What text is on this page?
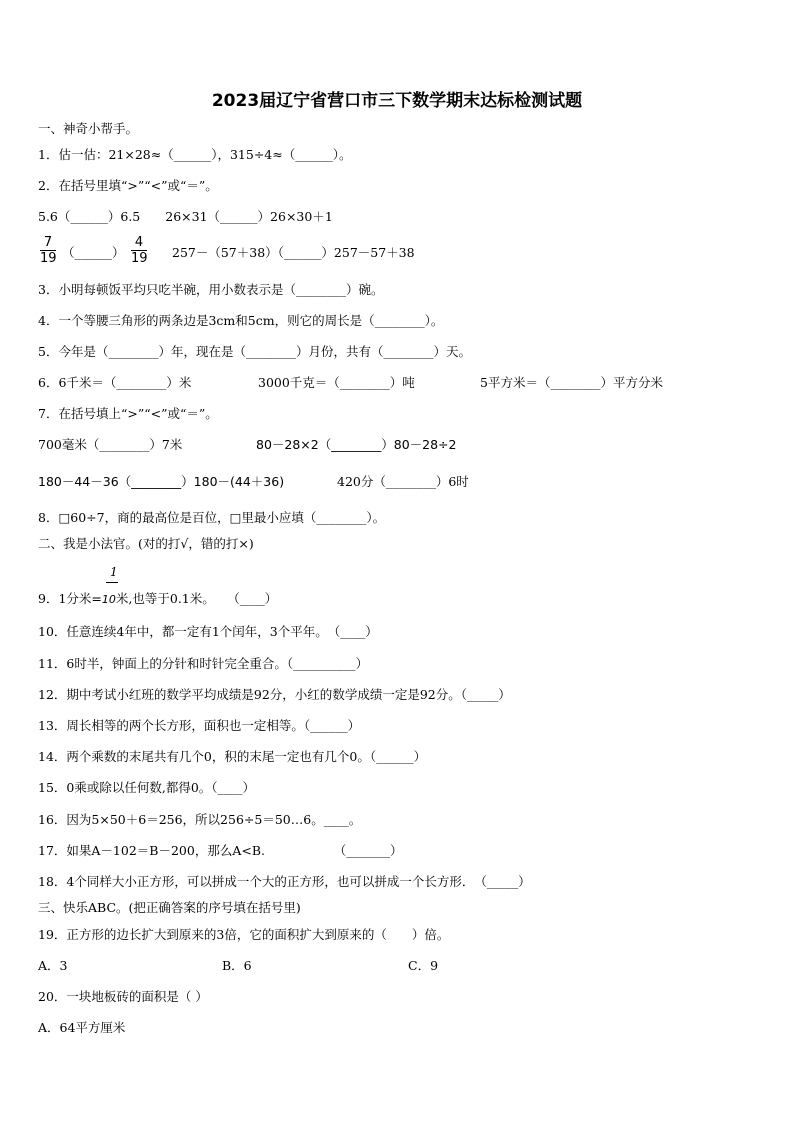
2023届辽宁省营口市三下数学期末达标检测试题
一、神奇小帮手。
1．估一估：21×28≈（______），315÷4≈（______）。
2．在括号里填“>”“<”或“＝”。
5.6（______）6.5　　26×31（______）26×30＋1
7
19 （______）
4
19 257－（57＋38）（______）257－57＋38
3．小明每顿饭平均只吃半碗，用小数表示是（________）碗。
4．一个等腰三角形的两条边是3cm和5cm，则它的周长是（________）。
5．今年是（________）年，现在是（________）月份，共有（________）天。
6．6千米＝（________）米	3000千克＝（________）吨	5平方米＝（________）平方分米
7．在括号填上“>”“<”或“＝”。
700毫米（________）7米	80－28×2（________）80－28÷2
180－44－36（________）180－(44＋36)	420分（________）6时
8．□60÷7，商的最高位是百位，□里最小应填（________）。
二、我是小法官。(对的打√，错的打×)
1
9．1分米=10米,也等于0.1米。　　（____）
10．任意连续4年中，都一定有1个闰年，3个平年。　（____）
11．6时半，钟面上的分针和时针完全重合。（__________）
12．期中考试小红班的数学平均成绩是92分，小红的数学成绩一定是92分。（_____）
13．周长相等的两个长方形，面积也一定相等。（______）
14．两个乘数的末尾共有几个0，积的末尾一定也有几个0。（______）
15．0乘或除以任何数,都得0。（____）
16．因为5×50＋6＝256，所以256÷5＝50…6。____。
17．如果A－102＝B－200，那么A<B.　　　　　　（_______）
18．4个同样大小正方形，可以拼成一个大的正方形，也可以拼成一个长方形．　（_____）
三、快乐ABC。(把正确答案的序号填在括号里)
19．正方形的边长扩大到原来的3倍，它的面积扩大到原来的（　　）倍。
A．3	B．6	C．9
20．一块地板砖的面积是（ ）
A．64平方厘米
